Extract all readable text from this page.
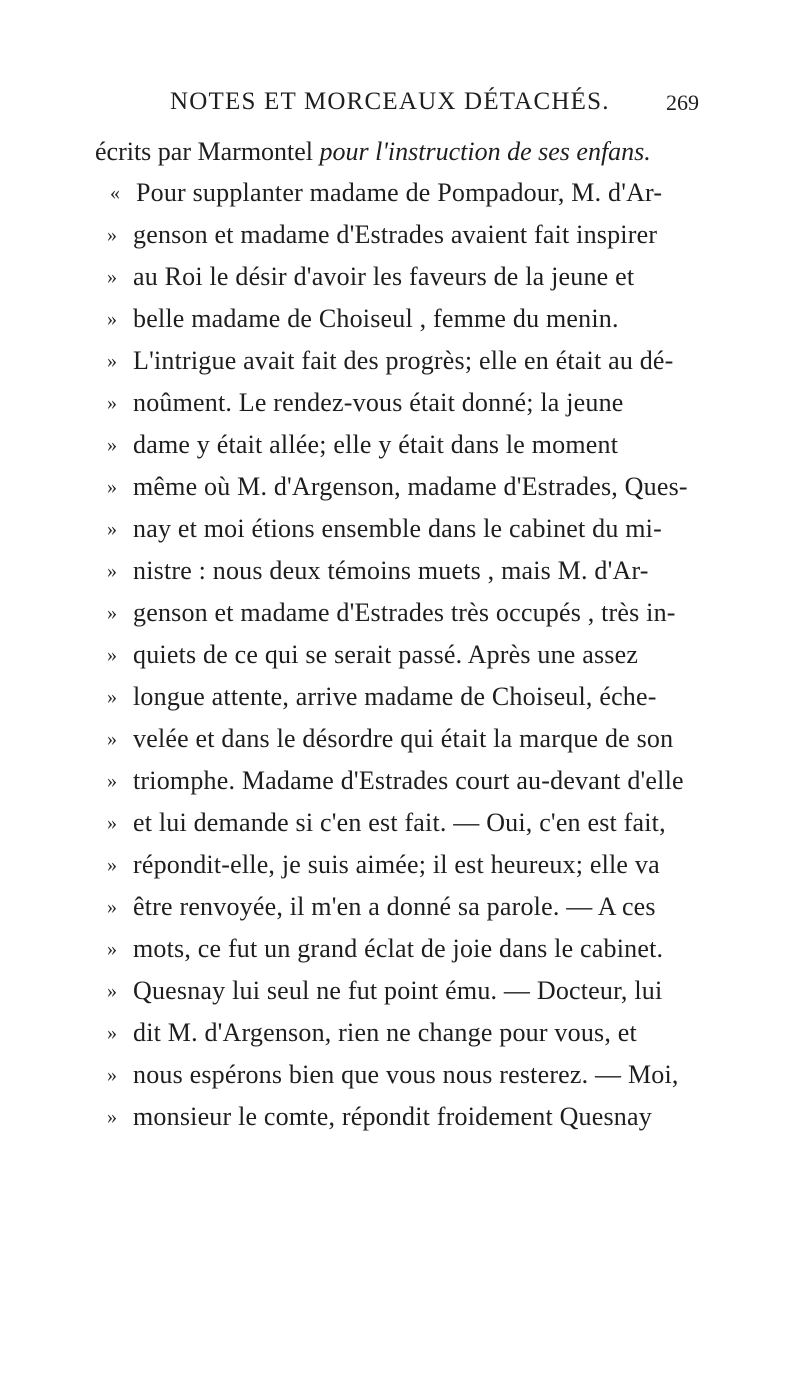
NOTES ET MORCEAUX DÉTACHÉS.	269
écrits par Marmontel pour l'instruction de ses enfans.
« Pour supplanter madame de Pompadour, M. d'Ar-
» genson et madame d'Estrades avaient fait inspirer
» au Roi le désir d'avoir les faveurs de la jeune et
» belle madame de Choiseul , femme du menin.
» L'intrigue avait fait des progrès; elle en était au dé-
» noûment. Le rendez-vous était donné; la jeune
» dame y était allée; elle y était dans le moment
» même où M. d'Argenson, madame d'Estrades, Ques-
» nay et moi étions ensemble dans le cabinet du mi-
» nistre : nous deux témoins muets , mais M. d'Ar-
» genson et madame d'Estrades très occupés , très in-
» quiets de ce qui se serait passé. Après une assez
» longue attente, arrive madame de Choiseul, éche-
» velée et dans le désordre qui était la marque de son
» triomphe. Madame d'Estrades court au-devant d'elle
» et lui demande si c'en est fait. — Oui, c'en est fait,
» répondit-elle, je suis aimée; il est heureux; elle va
» être renvoyée, il m'en a donné sa parole. — A ces
» mots, ce fut un grand éclat de joie dans le cabinet.
» Quesnay lui seul ne fut point ému. — Docteur, lui
» dit M. d'Argenson, rien ne change pour vous, et
» nous espérons bien que vous nous resterez. — Moi,
» monsieur le comte, répondit froidement Quesnay
